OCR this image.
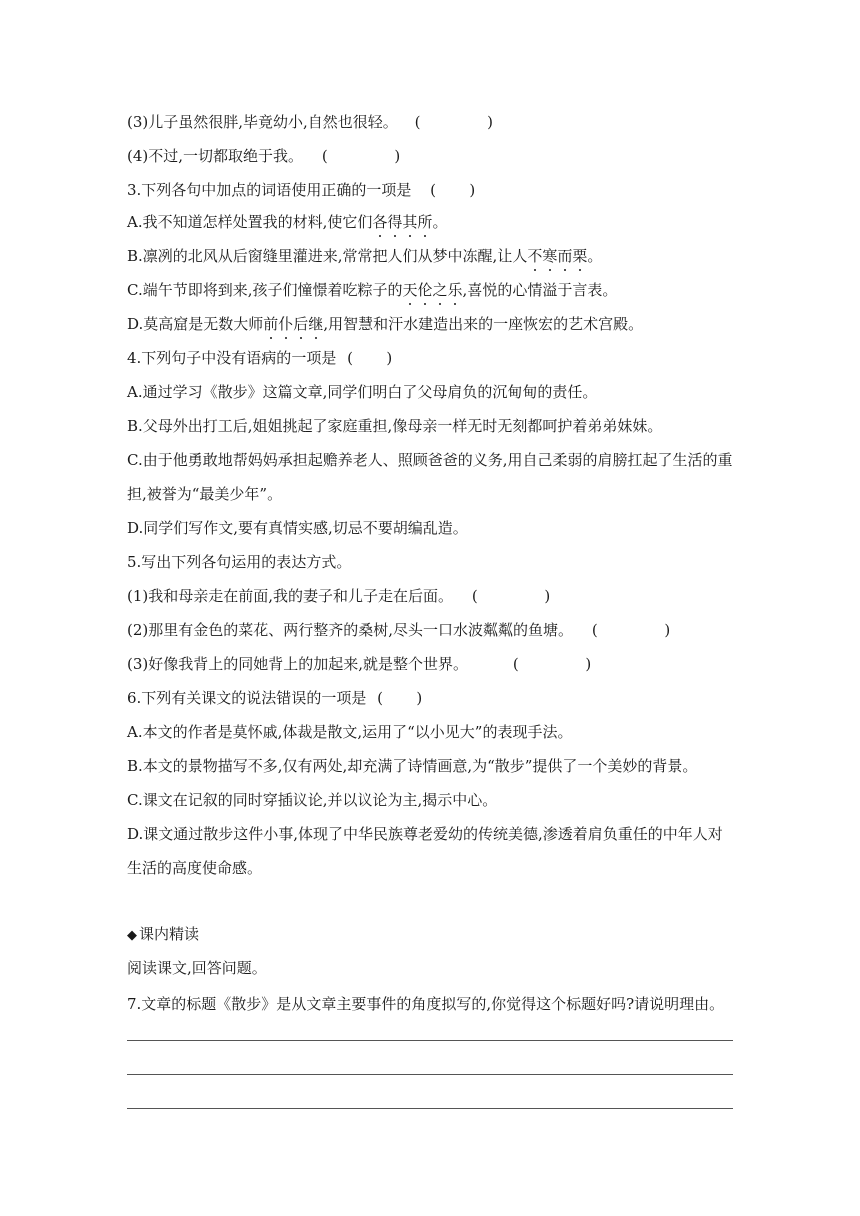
(3)儿子虽然很胖,毕竟幼小,自然也很轻。 (              )
(4)不过,一切都取绝于我。 (              )
3.下列各句中加点的词语使用正确的一项是 (       )
A.我不知道怎样处置我的材料,使它们各得其所。
B.凛冽的北风从后窗缝里灌进来,常常把人们从梦中冻醒,让人不寒而栗。
C.端午节即将到来,孩子们憧憬着吃粽子的天伦之乐,喜悦的心情溢于言表。
D.莫高窟是无数大师前仆后继,用智慧和汗水建造出来的一座恢宏的艺术宫殿。
4.下列句子中没有语病的一项是 (       )
A.通过学习《散步》这篇文章,同学们明白了父母肩负的沉甸甸的责任。
B.父母外出打工后,姐姐挑起了家庭重担,像母亲一样无时无刻都呵护着弟弟妹妹。
C.由于他勇敢地帮妈妈承担起赡养老人、照顾爸爸的义务,用自己柔弱的肩膀扛起了生活的重
担,被誉为“最美少年”。
D.同学们写作文,要有真情实感,切忌不要胡编乱造。
5.写出下列各句运用的表达方式。
(1)我和母亲走在前面,我的妻子和儿子走在后面。 (              )
(2)那里有金色的菜花、两行整齐的桑树,尽头一口水波粼粼的鱼塘。 (              )
(3)好像我背上的同她背上的加起来,就是整个世界。	(              )
6.下列有关课文的说法错误的一项是 (       )
A.本文的作者是莫怀戚,体裁是散文,运用了“以小见大”的表现手法。
B.本文的景物描写不多,仅有两处,却充满了诗情画意,为“散步”提供了一个美妙的背景。
C.课文在记叙的同时穿插议论,并以议论为主,揭示中心。
D.课文通过散步这件小事,体现了中华民族尊老爱幼的传统美德,渗透着肩负重任的中年人对
生活的高度使命感。
◆ 课内精读
阅读课文,回答问题。
7.文章的标题《散步》是从文章主要事件的角度拟写的,你觉得这个标题好吗?请说明理由。
